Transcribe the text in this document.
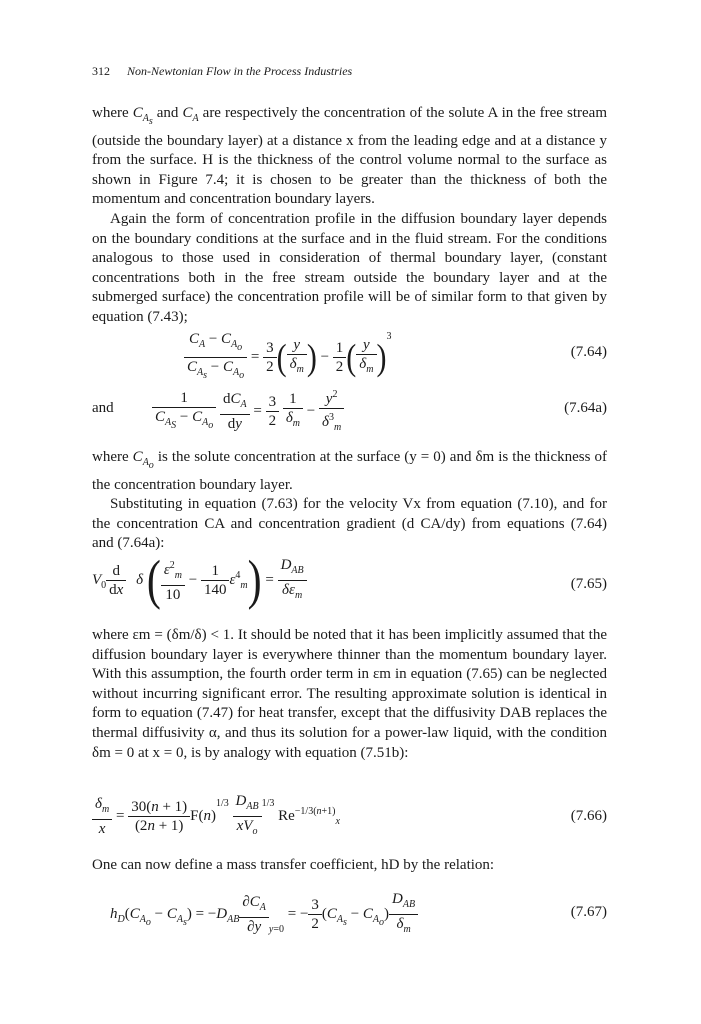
312 Non-Newtonian Flow in the Process Industries

where $C_{A_s}$ and $C_A$ are respectively the concentration of the solute A in the free stream (outside the boundary layer) at a distance x from the leading edge and at a distance y from the surface. H is the thickness of the control volume normal to the surface as shown in Figure 7.4; it is chosen to be greater than the thickness of both the momentum and concentration boundary layers.

Again the form of concentration profile in the diffusion boundary layer depends on the boundary conditions at the surface and in the fluid stream. For the conditions analogous to those used in consideration of thermal boundary layer, (constant concentrations both in the free stream outside the boundary layer and at the submerged surface) the concentration profile will be of similar form to that given by equation (7.43);

$\frac{C_A - C_{A_o}}{C_{A_s} - C_{A_o}} = \frac{3}{2}$ ( $\frac{y}{\delta_m}$ ) − $\frac{1}{2}$ ( $\frac{y}{\delta_m} )^3$
(7.64)
and	$\frac{1}{C_{A_S} - C_{A_o}}$
$\frac{dC_A}{dy} = \frac{3}{2}$
$\frac{1}{\delta_m} - \frac{y^2}{\delta^3_m}$	(7.64a)

where $C_{A_o}$ is the solute concentration at the surface (y = 0) and δm is the thickness of the concentration boundary layer.

Substituting in equation (7.63) for the velocity Vx from equation (7.10), and for the concentration CA and concentration gradient (d CA/dy) from equations (7.64) and (7.64a):

$V_0 \frac{d}{dx}$ δ ( $\frac{\varepsilon^2_m}{10} - \frac{1}{140} \varepsilon^4_m) = \frac{D_{AB}}{\delta\varepsilon_m}$	(7.65)

where εm = (δm/δ) < 1. It should be noted that it has been implicitly assumed that the diffusion boundary layer is everywhere thinner than the momentum boundary layer. With this assumption, the fourth order term in εm in equation (7.65) can be neglected without incurring significant error. The resulting approximate solution is identical in form to equation (7.47) for heat transfer, except that the diffusivity DAB replaces the thermal diffusivity α, and thus its solution for a power-law liquid, with the condition δm = 0 at x = 0, is by analogy with equation (7.51b):

$\frac{\delta_m}{x} = \frac{30(n + 1)}{(2n + 1)} F(n)^{1/3} \frac{D_{AB}}{xV_o} ^{1/3}$ $Re^{-1/3(n+1)}_x$	(7.66)

One can now define a mass transfer coefficient, hD by the relation:

$h_D(C_{A_o} - C_{A_s}) = -D_{AB} \frac{\partial C_A}{\partial y} _{y=0}$ = − $\frac{3}{2} (C_{A_s} - C_{A_o}) \frac{D_{AB}}{\delta_m}$	(7.67)
